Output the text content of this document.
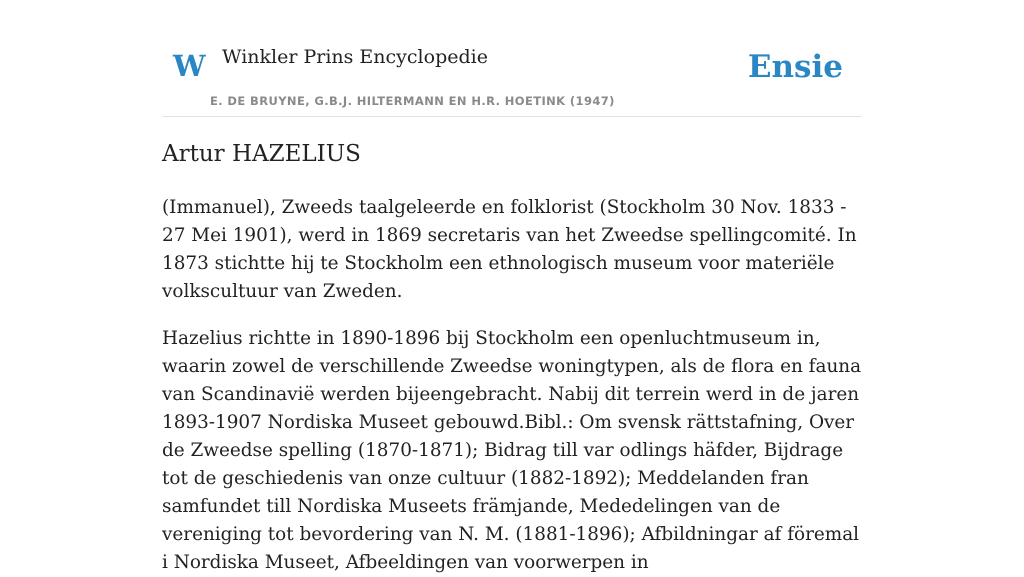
W Winkler Prins Encyclopedie
E. DE BRUYNE, G.B.J. HILTERMANN EN H.R. HOETINK (1947)
Ensie
Artur HAZELIUS

(Immanuel), Zweeds taalgeleerde en folklorist (Stockholm 30 Nov. 1833 - 27 Mei 1901), werd in 1869 secretaris van het Zweedse spellingcomité. In 1873 stichtte hij te Stockholm een ethnologisch museum voor materiële volkscultuur van Zweden.

Hazelius richtte in 1890-1896 bij Stockholm een openluchtmuseum in, waarin zowel de verschillende Zweedse woningtypen, als de flora en fauna van Scandinavië werden bijeengebracht. Nabij dit terrein werd in de jaren 1893-1907 Nordiska Museet gebouwd.Bibl.: Om svensk rättstafning, Over de Zweedse spelling (1870-1871); Bidrag till var odlings häfder, Bijdrage tot de geschiedenis van onze cultuur (1882-1892); Meddelanden fran samfundet till Nordiska Museets främjande, Mededelingen van de vereniging tot bevordering van N. M. (1881-1896); Afbildningar af föremal i Nordiska Museet, Afbeeldingen van voorwerpen in
